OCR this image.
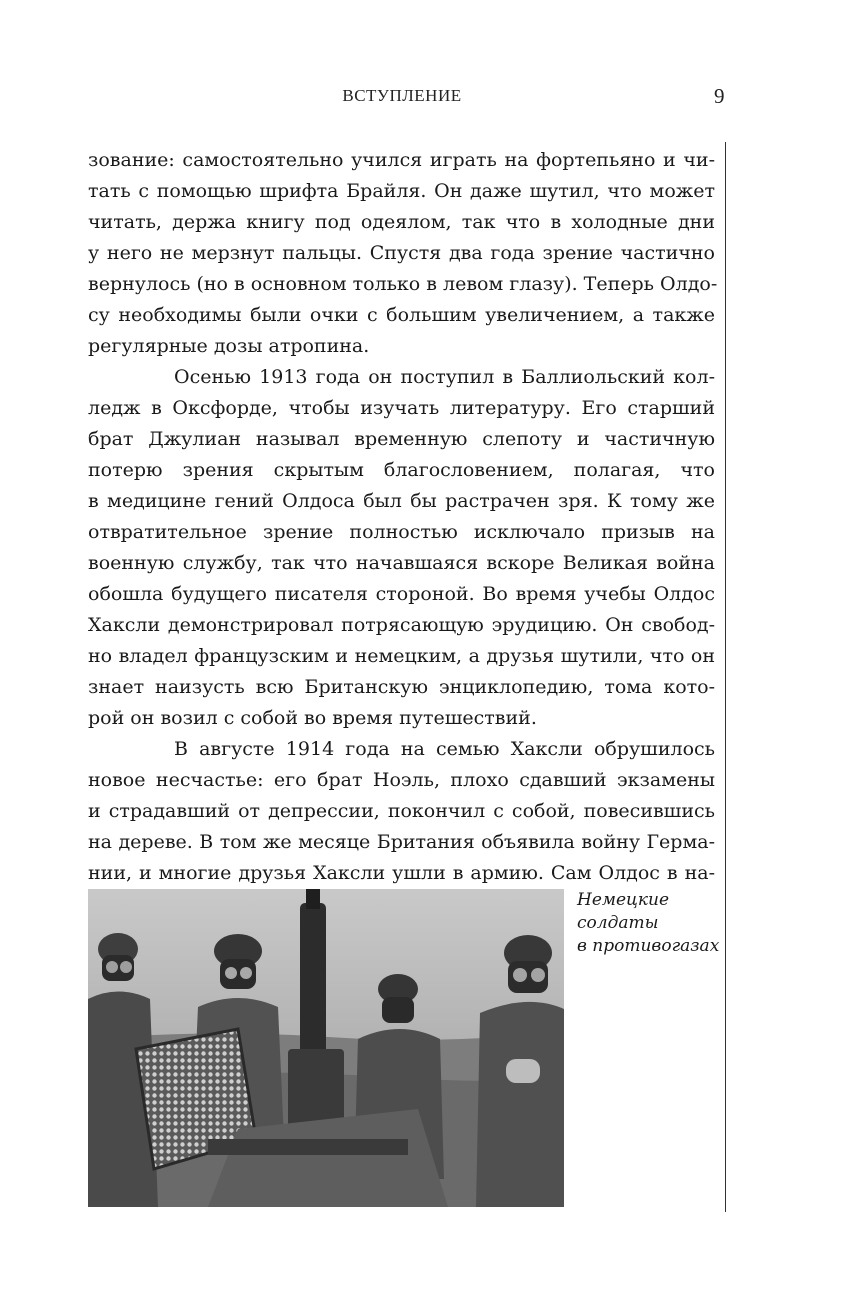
ВСТУПЛЕНИЕ	9
зование: самостоятельно учился играть на фортепьяно и чи-
тать с помощью шрифта Брайля. Он даже шутил, что может
читать, держа книгу под одеялом, так что в холодные дни
у него не мерзнут пальцы. Спустя два года зрение частично
вернулось (но в основном только в левом глазу). Теперь Олдо-
су необходимы были очки с большим увеличением, а также
регулярные дозы атропина.
Осенью 1913 года он поступил в Баллиольский кол-
ледж в Оксфорде, чтобы изучать литературу. Его старший
брат Джулиан называл временную слепоту и частичную
потерю зрения скрытым благословением, полагая, что
в медицине гений Олдоса был бы растрачен зря. К тому же
отвратительное зрение полностью исключало призыв на
военную службу, так что начавшаяся вскоре Великая война
обошла будущего писателя стороной. Во время учебы Олдос
Хаксли демонстрировал потрясающую эрудицию. Он свобод-
но владел французским и немецким, а друзья шутили, что он
знает наизусть всю Британскую энциклопедию, тома кото-
рой он возил с собой во время путешествий.
В августе 1914 года на семью Хаксли обрушилось
новое несчастье: его брат Ноэль, плохо сдавший экзамены
и страдавший от депрессии, покончил с собой, повесившись
на дереве. В том же месяце Британия объявила войну Герма-
нии, и многие друзья Хаксли ушли в армию. Сам Олдос в на-
Немецкие
солдаты
в противогазах
